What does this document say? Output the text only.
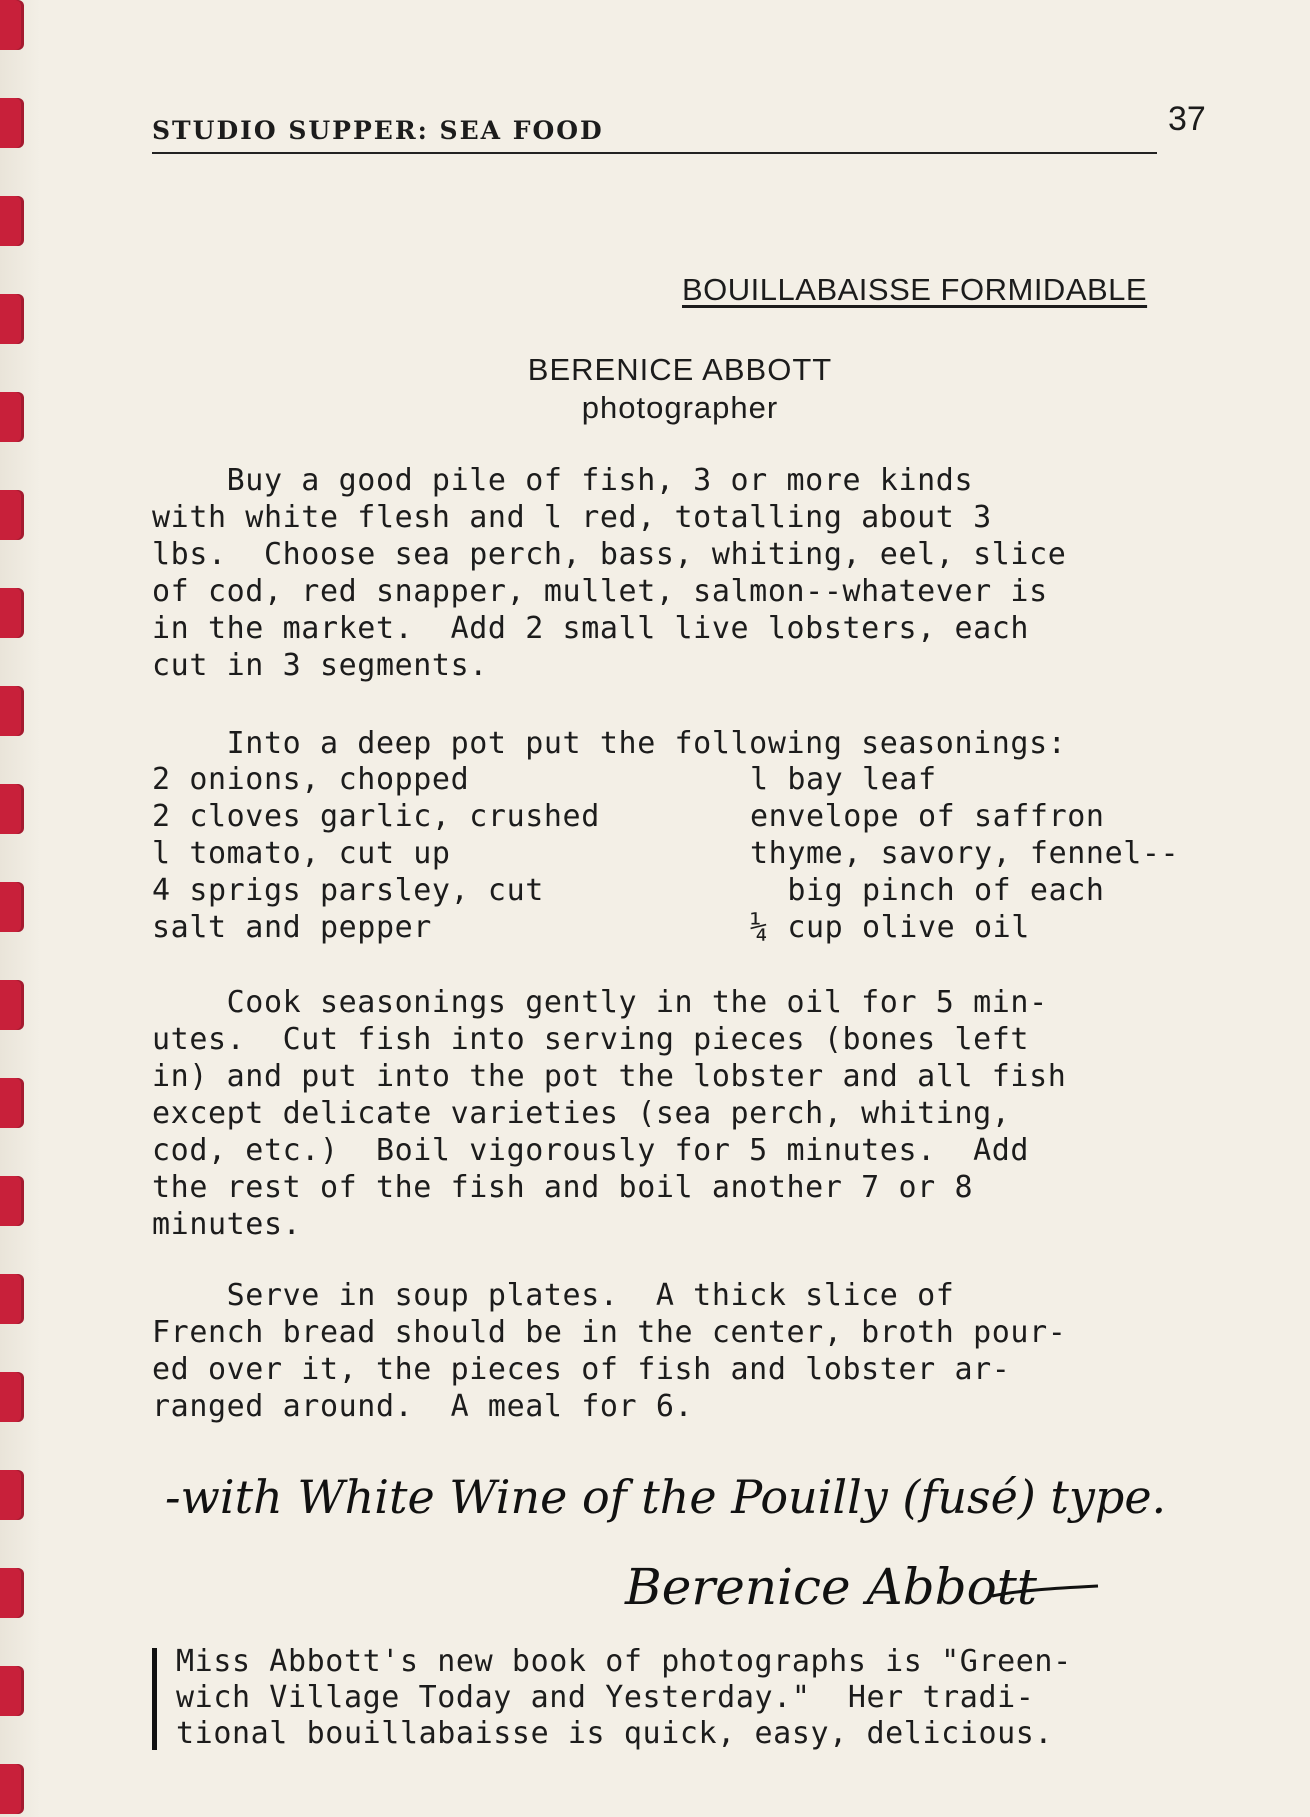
STUDIO SUPPER: SEA FOOD	37
BOUILLABAISSE FORMIDABLE
BERENICE ABBOTT
photographer
Buy a good pile of fish, 3 or more kinds
with white flesh and l red, totalling about 3
lbs.  Choose sea perch, bass, whiting, eel, slice
of cod, red snapper, mullet, salmon--whatever is
in the market.  Add 2 small live lobsters, each
cut in 3 segments.
Into a deep pot put the following seasonings:
2 onions, chopped
2 cloves garlic, crushed
l tomato, cut up
4 sprigs parsley, cut
salt and pepper
l bay leaf
envelope of saffron
thyme, savory, fennel--
big pinch of each
¼ cup olive oil
Cook seasonings gently in the oil for 5 min-
utes.  Cut fish into serving pieces (bones left
in) and put into the pot the lobster and all fish
except delicate varieties (sea perch, whiting,
cod, etc.)  Boil vigorously for 5 minutes.  Add
the rest of the fish and boil another 7 or 8
minutes.
Serve in soup plates.  A thick slice of
French bread should be in the center, broth pour-
ed over it, the pieces of fish and lobster ar-
ranged around.  A meal for 6.
-with White Wine of the Pouilly (fusé) type.
Berenice Abbott
Miss Abbott's new book of photographs is "Green-
wich Village Today and Yesterday."  Her tradi-
tional bouillabaisse is quick, easy, delicious.
